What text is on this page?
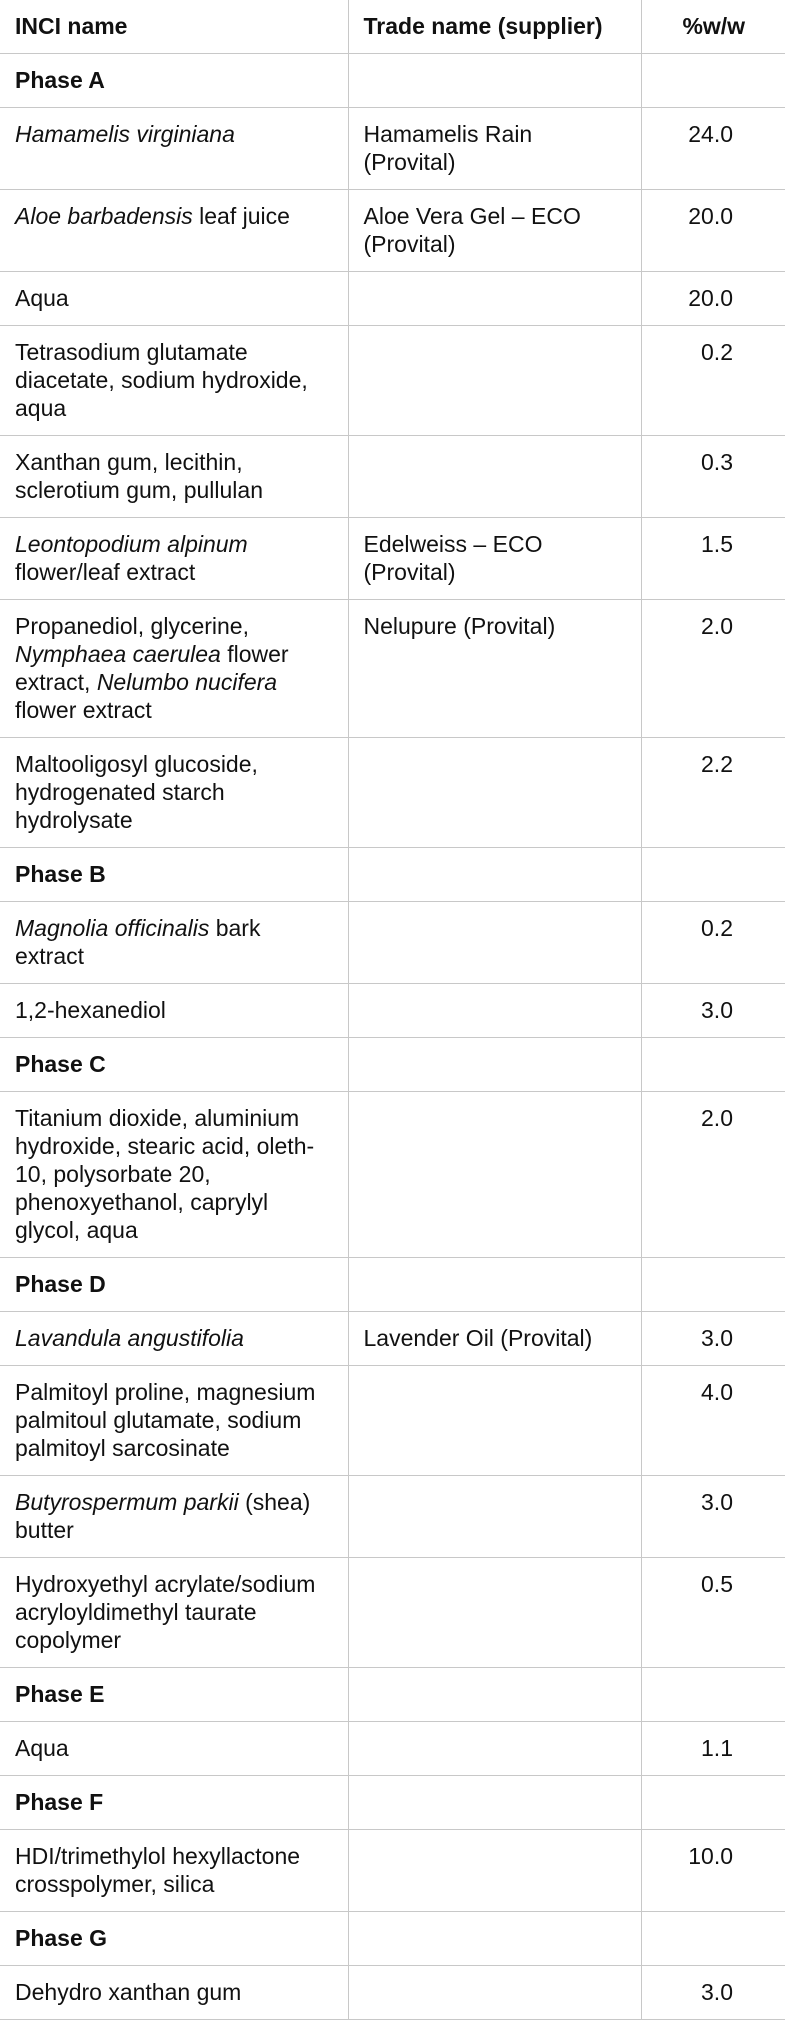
INCI name	Trade name (supplier)	%w/w
Phase A		
Hamamelis virginiana	Hamamelis Rain (Provital)	24.0
Aloe barbadensis leaf juice	Aloe Vera Gel – ECO (Provital)	20.0
Aqua		20.0
Tetrasodium glutamate diacetate, sodium hydroxide, aqua		0.2
Xanthan gum, lecithin, sclerotium gum, pullulan		0.3
Leontopodium alpinum flower/leaf extract	Edelweiss – ECO (Provital)	1.5
Propanediol, glycerine, Nymphaea caerulea flower extract, Nelumbo nucifera flower extract	Nelupure (Provital)	2.0
Maltooligosyl glucoside, hydrogenated starch hydrolysate		2.2
Phase B		
Magnolia officinalis bark extract		0.2
1,2-hexanediol		3.0
Phase C		
Titanium dioxide, aluminium hydroxide, stearic acid, oleth-10, polysorbate 20, phenoxyethanol, caprylyl glycol, aqua		2.0
Phase D		
Lavandula angustifolia	Lavender Oil (Provital)	3.0
Palmitoyl proline, magnesium palmitoul glutamate, sodium palmitoyl sarcosinate		4.0
Butyrospermum parkii (shea) butter		3.0
Hydroxyethyl acrylate/sodium acryloyldimethyl taurate copolymer		0.5
Phase E		
Aqua		1.1
Phase F		
HDI/trimethylol hexyllactone crosspolymer, silica		10.0
Phase G		
Dehydro xanthan gum		3.0
